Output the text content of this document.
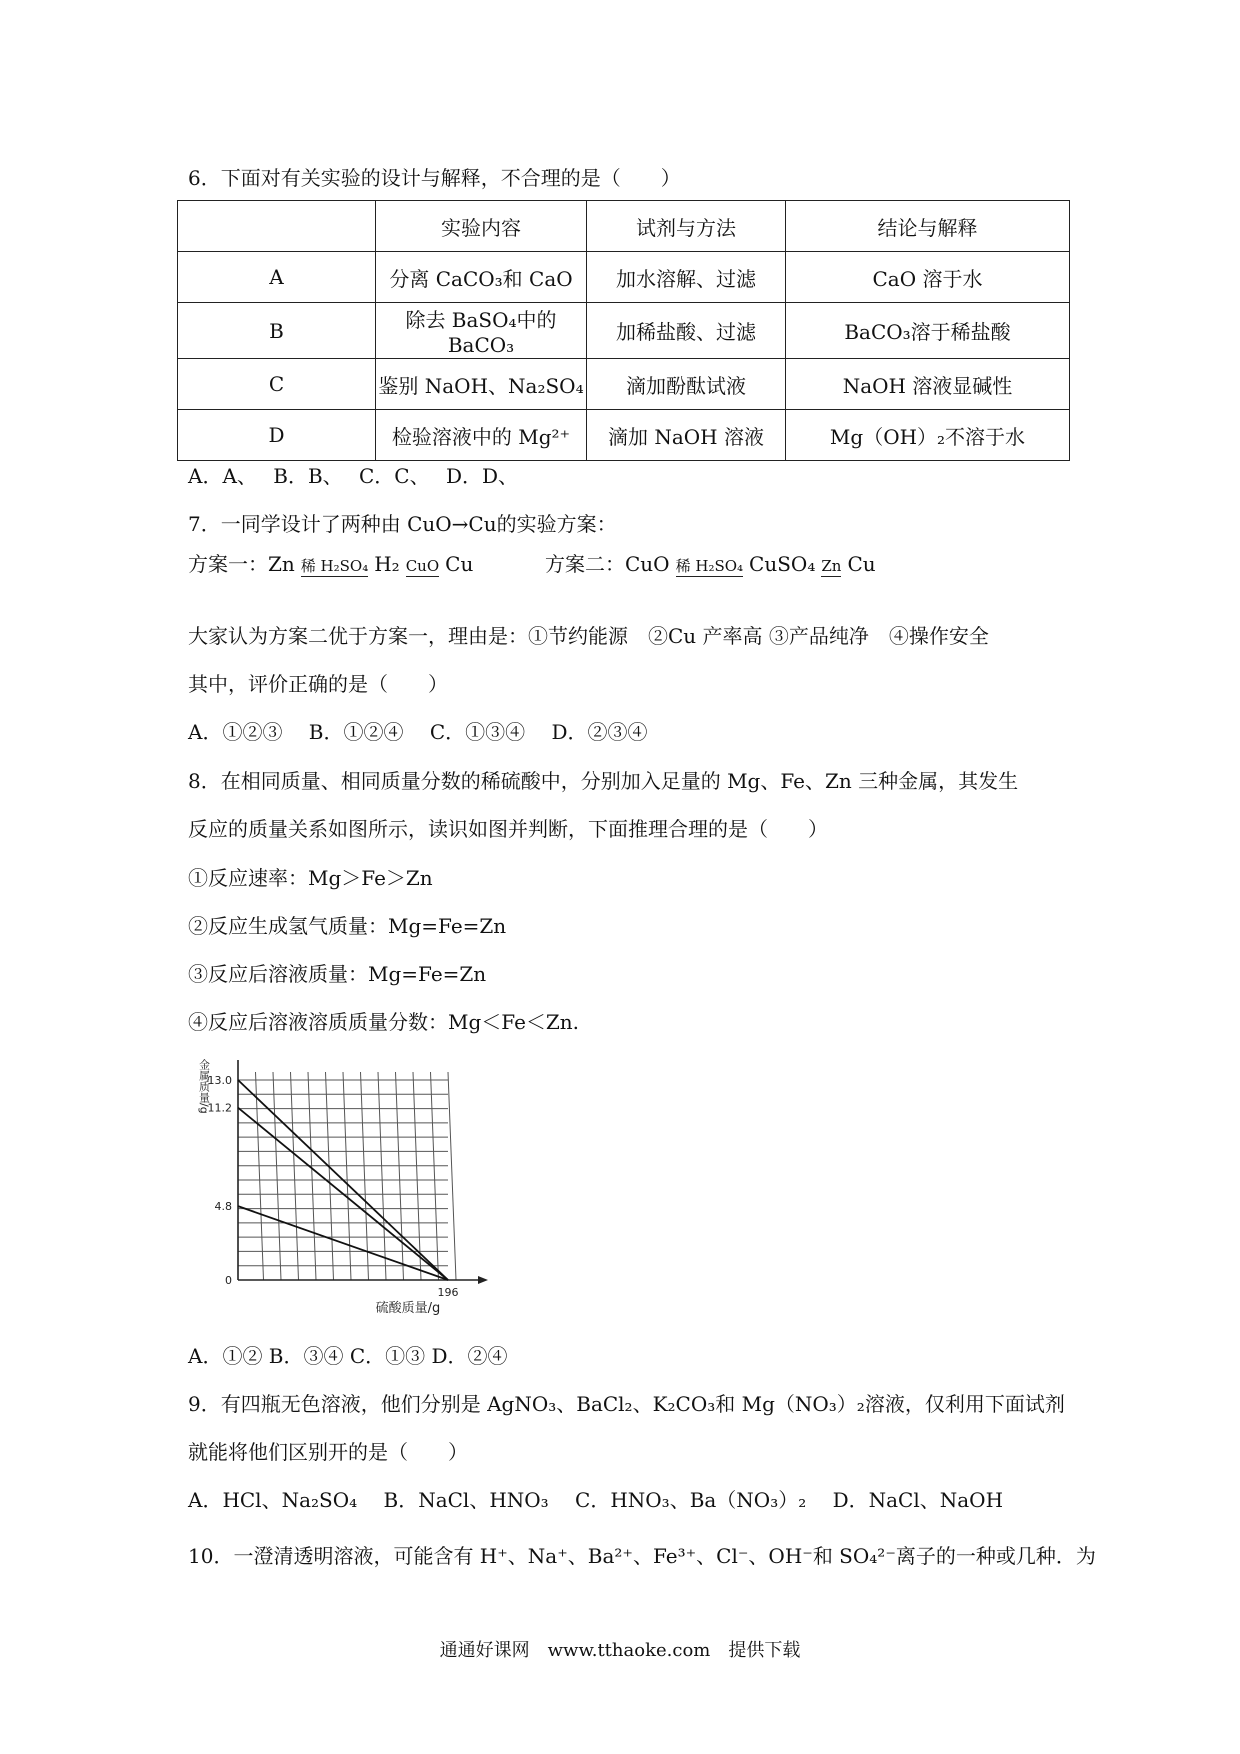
6．下面对有关实验的设计与解释，不合理的是（　　）
	实验内容	试剂与方法	结论与解释
A	分离 CaCO₃和 CaO	加水溶解、过滤	CaO 溶于水
B	除去 BaSO₄中的 BaCO₃	加稀盐酸、过滤	BaCO₃溶于稀盐酸
C	鉴别 NaOH、Na₂SO₄	滴加酚酞试液	NaOH 溶液显碱性
D	检验溶液中的 Mg²⁺	滴加 NaOH 溶液	Mg（OH）₂不溶于水
A．A、　 B．B、　 C．C、　 D．D、
7．一同学设计了两种由 CuO→Cu的实验方案：
方案一：Zn 稀 H₂SO₄ H₂ CuO Cu	方案二：CuO 稀 H₂SO₄ CuSO₄ Zn Cu
大家认为方案二优于方案一，理由是：①节约能源　②Cu 产率高 ③产品纯净　④操作安全
其中，评价正确的是（　　）
A．①②③　 B．①②④　 C．①③④　 D．②③④
8．在相同质量、相同质量分数的稀硫酸中，分别加入足量的 Mg、Fe、Zn 三种金属，其发生
反应的质量关系如图所示，读识如图并判断，下面推理合理的是（　　）
①反应速率：Mg＞Fe＞Zn
②反应生成氢气质量：Mg=Fe=Zn
③反应后溶液质量：Mg=Fe=Zn
④反应后溶液溶质质量分数：Mg＜Fe＜Zn.
13.0
11.2
4.8
0
196
硫酸质量/g
金属质量/g
A．①② B．③④ C．①③ D．②④
9．有四瓶无色溶液，他们分别是 AgNO₃、BaCl₂、K₂CO₃和 Mg（NO₃）₂溶液，仅利用下面试剂
就能将他们区别开的是（　　）
A．HCl、Na₂SO₄　 B．NaCl、HNO₃　 C．HNO₃、Ba（NO₃）₂　 D．NaCl、NaOH
10．一澄清透明溶液，可能含有 H⁺、Na⁺、Ba²⁺、Fe³⁺、Cl⁻、OH⁻和 SO₄²⁻离子的一种或几种．为
通通好课网　www.tthaoke.com　提供下载
